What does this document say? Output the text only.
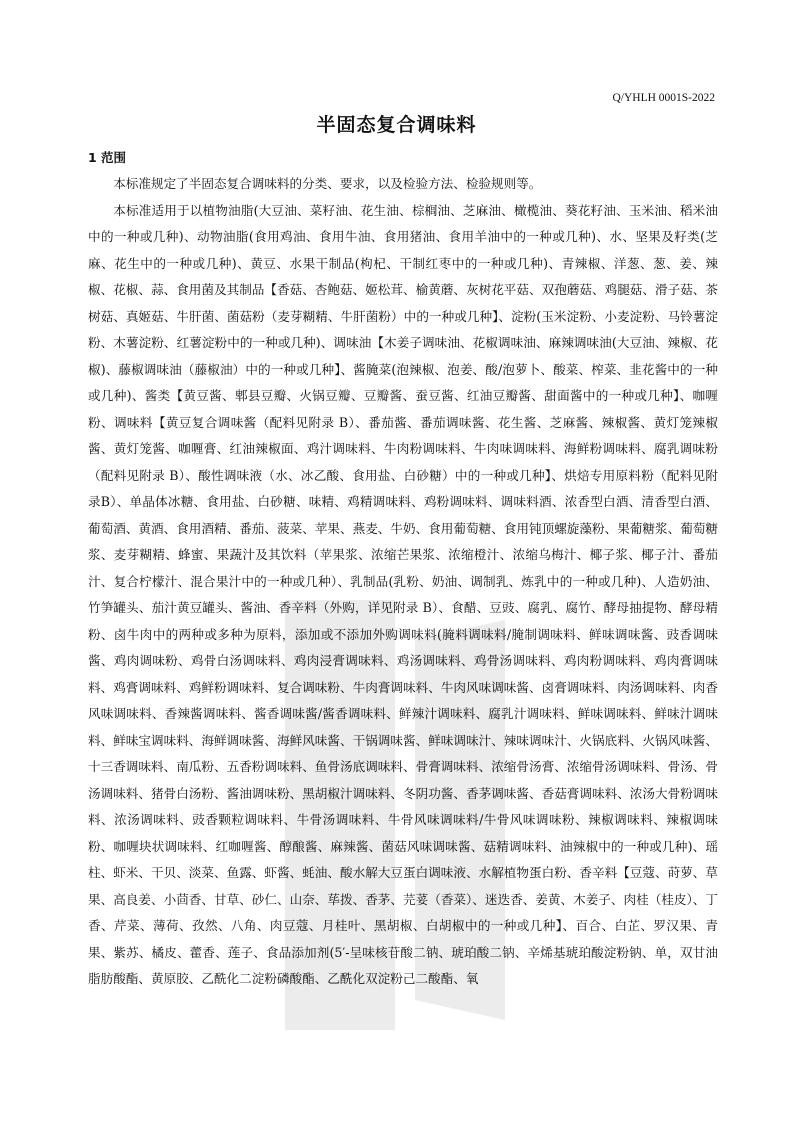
Q/YHLH 0001S-2022
半固态复合调味料
1 范围

本标准规定了半固态复合调味料的分类、要求，以及检验方法、检验规则等。

本标准适用于以植物油脂(大豆油、菜籽油、花生油、棕榈油、芝麻油、橄榄油、葵花籽油、玉米油、稻米油中的一种或几种)、动物油脂(食用鸡油、食用牛油、食用猪油、食用羊油中的一种或几种)、水、坚果及籽类(芝麻、花生中的一种或几种)、黄豆、水果干制品(枸杞、干制红枣中的一种或几种)、青辣椒、洋葱、葱、姜、辣椒、花椒、蒜、食用菌及其制品【香菇、杏鲍菇、姬松茸、榆黄蘑、灰树花平菇、双孢蘑菇、鸡腿菇、滑子菇、茶树菇、真姬菇、牛肝菌、菌菇粉（麦芽糊精、牛肝菌粉）中的一种或几种】、淀粉(玉米淀粉、小麦淀粉、马铃薯淀粉、木薯淀粉、红薯淀粉中的一种或几种)、调味油【木姜子调味油、花椒调味油、麻辣调味油(大豆油、辣椒、花椒)、藤椒调味油（藤椒油）中的一种或几种】、酱腌菜(泡辣椒、泡姜、酸/泡萝卜、酸菜、榨菜、韭花酱中的一种或几种)、酱类【黄豆酱、郫县豆瓣、火锅豆瓣、豆瓣酱、蚕豆酱、红油豆瓣酱、甜面酱中的一种或几种】、咖喱粉、调味料【黄豆复合调味酱（配料见附录 B）、番茄酱、番茄调味酱、花生酱、芝麻酱、辣椒酱、黄灯笼辣椒酱、黄灯笼酱、咖喱膏、红油辣椒面、鸡汁调味料、牛肉粉调味料、牛肉味调味料、海鲜粉调味料、腐乳调味粉（配料见附录 B）、酸性调味液（水、冰乙酸、食用盐、白砂糖）中的一种或几种】、烘焙专用原料粉（配料见附录B）、单晶体冰糖、食用盐、白砂糖、味精、鸡精调味料、鸡粉调味料、调味料酒、浓香型白酒、清香型白酒、葡萄酒、黄酒、食用酒精、番茄、菠菜、苹果、燕麦、牛奶、食用葡萄糖、食用钝顶螺旋藻粉、果葡糖浆、葡萄糖浆、麦芽糊精、蜂蜜、果蔬汁及其饮料（苹果浆、浓缩芒果浆、浓缩橙汁、浓缩乌梅汁、椰子浆、椰子汁、番茄汁、复合柠檬汁、混合果汁中的一种或几种）、乳制品(乳粉、奶油、调制乳、炼乳中的一种或几种)、人造奶油、竹笋罐头、茄汁黄豆罐头、酱油、香辛料（外购，详见附录 B）、食醋、豆豉、腐乳、腐竹、酵母抽提物、酵母精粉、卤牛肉中的两种或多种为原料，添加或不添加外购调味料(腌料调味料/腌制调味料、鲜味调味酱、豉香调味酱、鸡肉调味粉、鸡骨白汤调味料、鸡肉浸膏调味料、鸡汤调味料、鸡骨汤调味料、鸡肉粉调味料、鸡肉膏调味料、鸡膏调味料、鸡鲜粉调味料、复合调味粉、牛肉膏调味料、牛肉风味调味酱、卤膏调味料、肉汤调味料、肉香风味调味料、香辣酱调味料、酱香调味酱/酱香调味料、鲜辣汁调味料、腐乳汁调味料、鲜味调味料、鲜味汁调味料、鲜味宝调味料、海鲜调味酱、海鲜风味酱、干锅调味酱、鲜味调味汁、辣味调味汁、火锅底料、火锅风味酱、十三香调味料、南瓜粉、五香粉调味料、鱼骨汤底调味料、骨膏调味料、浓缩骨汤膏、浓缩骨汤调味料、骨汤、骨汤调味料、猪骨白汤粉、酱油调味粉、黑胡椒汁调味料、冬阴功酱、香茅调味酱、香菇膏调味料、浓汤大骨粉调味料、浓汤调味料、豉香颗粒调味料、牛骨汤调味料、牛骨风味调味料/牛骨风味调味粉、辣椒调味料、辣椒调味粉、咖喱块状调味料、红咖喱酱、醇酿酱、麻辣酱、菌菇风味调味酱、菇精调味料、油辣椒中的一种或几种)、瑶柱、虾米、干贝、淡菜、鱼露、虾酱、蚝油、酸水解大豆蛋白调味液、水解植物蛋白粉、香辛料【豆蔻、莳萝、草果、高良姜、小茴香、甘草、砂仁、山奈、荜拨、香茅、芫荽（香菜）、迷迭香、姜黄、木姜子、肉桂（桂皮）、丁香、芹菜、薄荷、孜然、八角、肉豆蔻、月桂叶、黑胡椒、白胡椒中的一种或几种】、百合、白芷、罗汉果、青果、紫苏、橘皮、藿香、莲子、食品添加剂(5′-呈味核苷酸二钠、琥珀酸二钠、辛烯基琥珀酸淀粉钠、单，双甘油脂肪酸酯、黄原胶、乙酰化二淀粉磷酸酯、乙酰化双淀粉己二酸酯、氧
